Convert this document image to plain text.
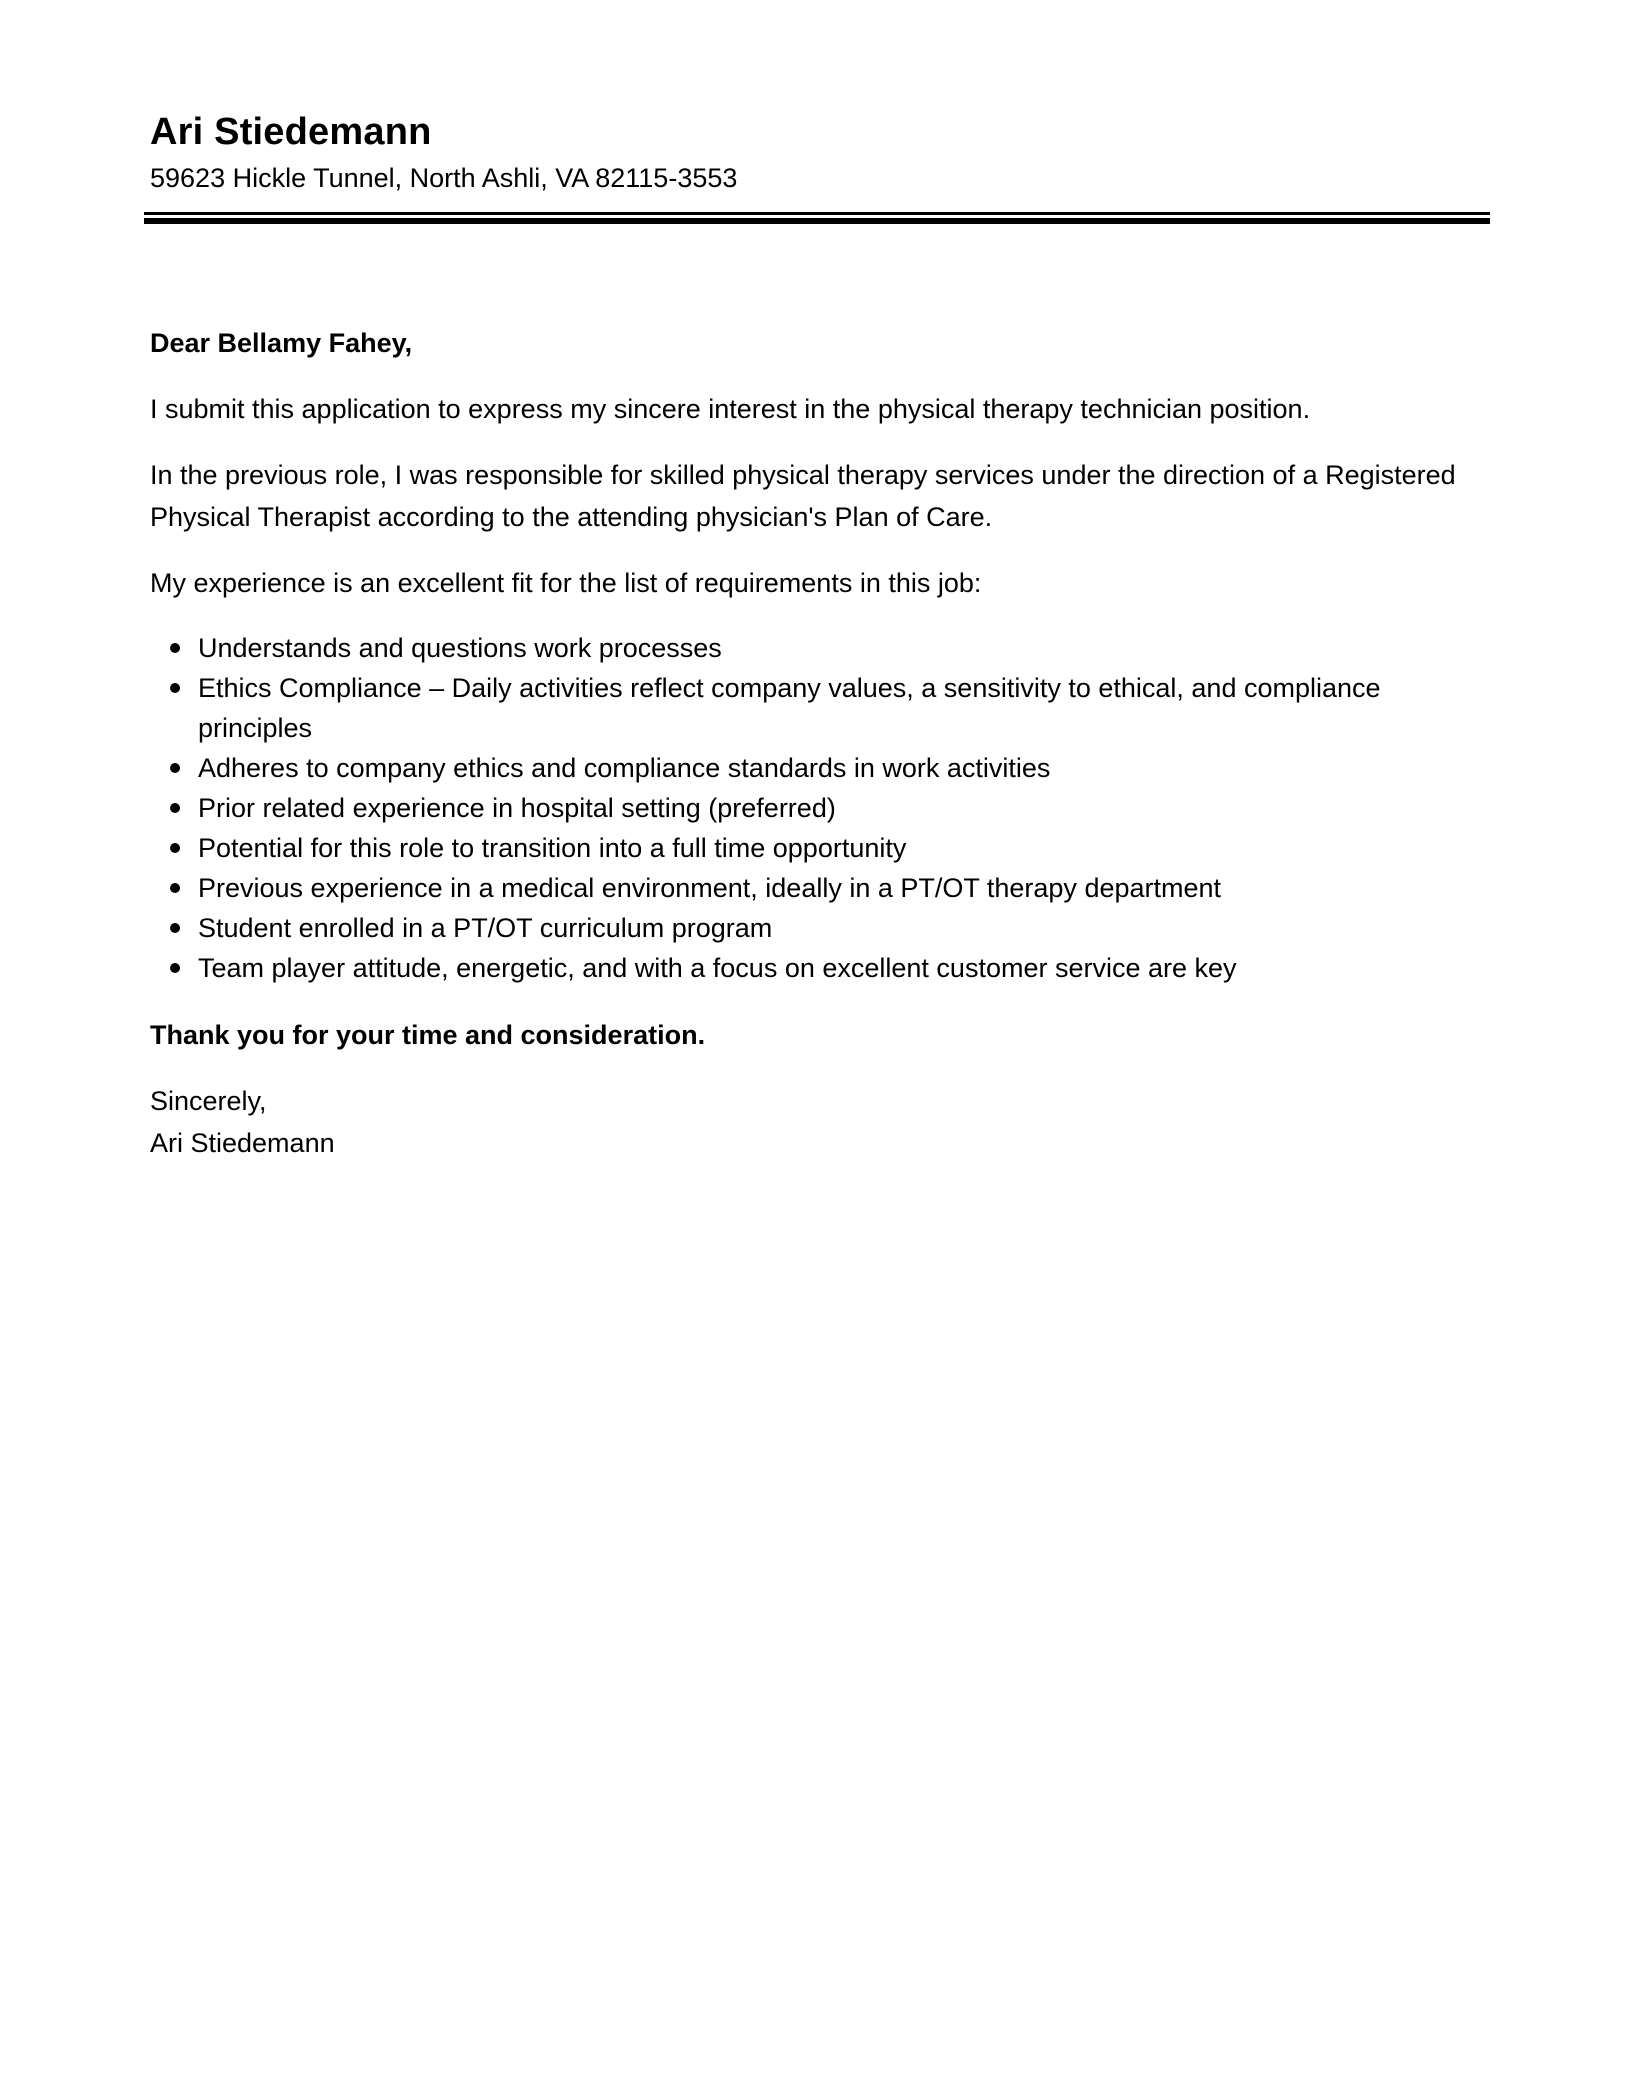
Ari Stiedemann

59623 Hickle Tunnel, North Ashli, VA 82115-3553

Dear Bellamy Fahey,

I submit this application to express my sincere interest in the physical therapy technician position.

In the previous role, I was responsible for skilled physical therapy services under the direction of a Registered Physical Therapist according to the attending physician's Plan of Care.

My experience is an excellent fit for the list of requirements in this job:

Understands and questions work processes
Ethics Compliance – Daily activities reflect company values, a sensitivity to ethical, and compliance principles
Adheres to company ethics and compliance standards in work activities
Prior related experience in hospital setting (preferred)
Potential for this role to transition into a full time opportunity
Previous experience in a medical environment, ideally in a PT/OT therapy department
Student enrolled in a PT/OT curriculum program
Team player attitude, energetic, and with a focus on excellent customer service are key

Thank you for your time and consideration.

Sincerely,

Ari Stiedemann
